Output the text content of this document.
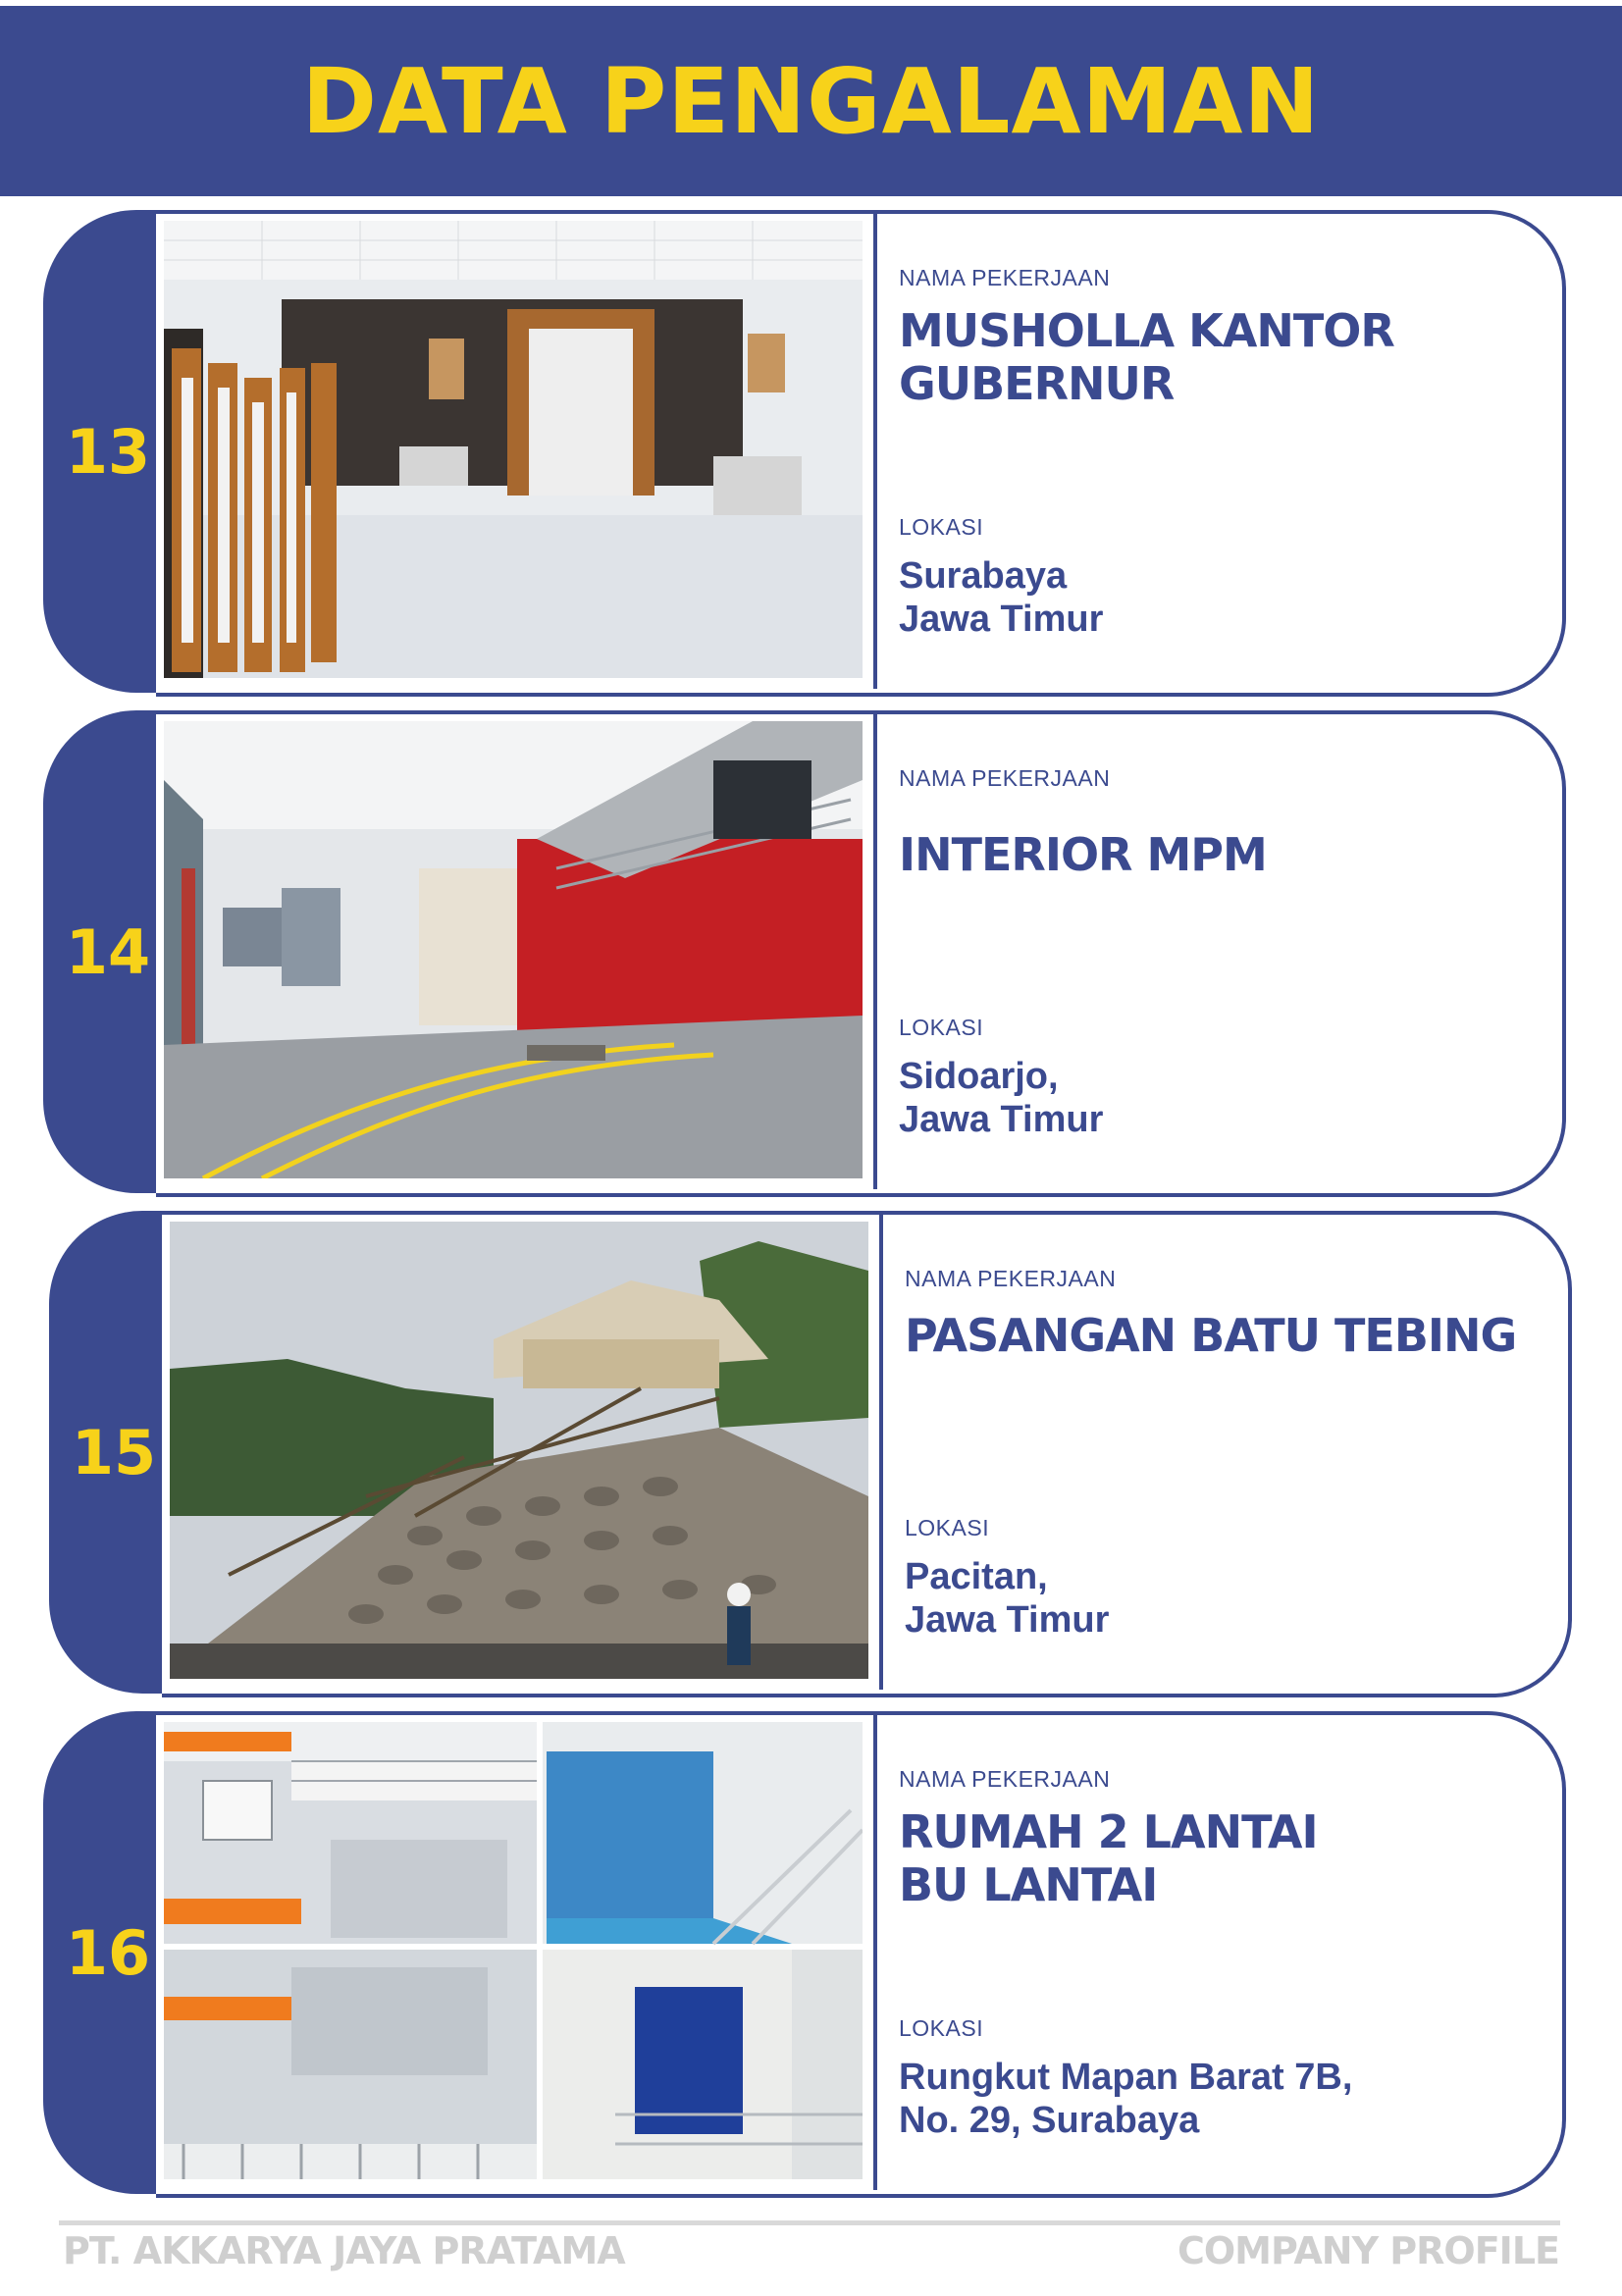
DATA PENGALAMAN
13
NAMA PEKERJAAN
MUSHOLLA KANTOR
GUBERNUR
LOKASI
Surabaya
Jawa Timur
14
NAMA PEKERJAAN
INTERIOR MPM
LOKASI
Sidoarjo,
Jawa Timur
15
NAMA PEKERJAAN
PASANGAN BATU TEBING
LOKASI
Pacitan,
Jawa Timur
16
NAMA PEKERJAAN
RUMAH 2 LANTAI
BU LANTAI
LOKASI
Rungkut Mapan Barat 7B,
No. 29, Surabaya
PT. AKKARYA JAYA PRATAMA	COMPANY PROFILE
